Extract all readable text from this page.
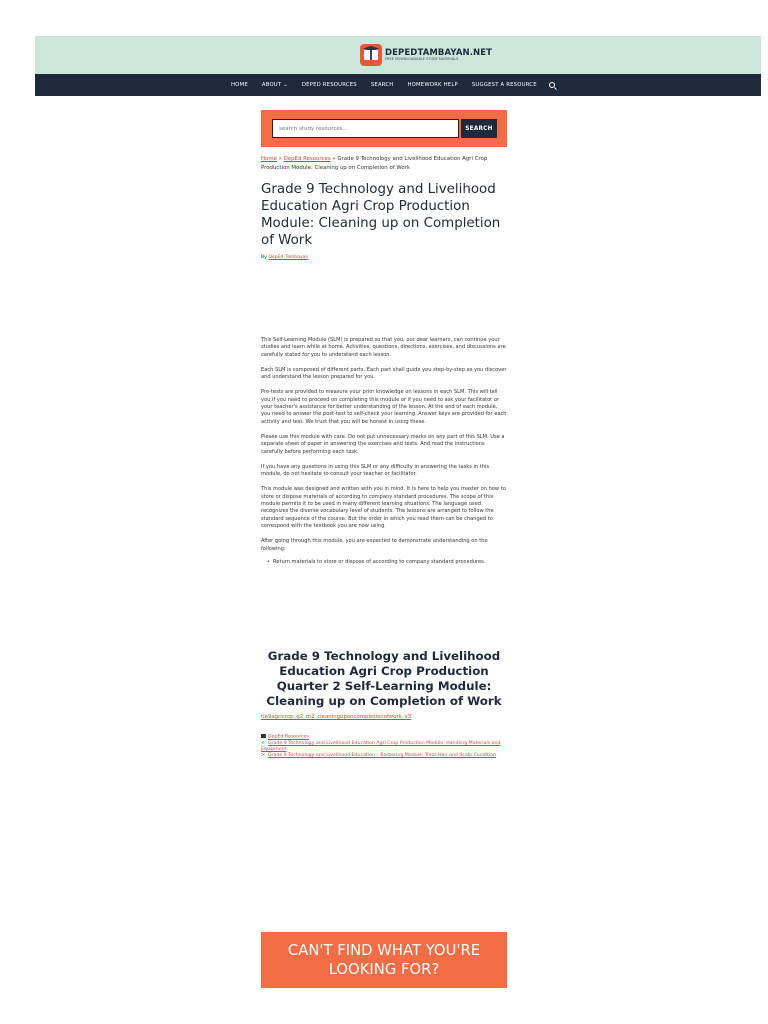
DEPEDTAMBAYAN.NET
FREE DOWNLOADABLE STUDY MATERIALS
HOME	ABOUT ⌄	DEPED RESOURCES	SEARCH	HOMEWORK HELP	SUGGEST A RESOURCE
search study resources...
SEARCH
Home » DepEd Resources » Grade 9 Technology and Livelihood Education Agri Crop Production Module: Cleaning up on Completion of Work
Grade 9 Technology and Livelihood Education Agri Crop Production Module: Cleaning up on Completion of Work
By DepEd Tambayan

This Self-Learning Module (SLM) is prepared so that you, our dear learners, can continue your studies and learn while at home. Activities, questions, directions, exercises, and discussions are carefully stated for you to understand each lesson.

Each SLM is composed of different parts. Each part shall guide you step-by-step as you discover and understand the lesson prepared for you.

Pre-tests are provided to measure your prior knowledge on lessons in each SLM. This will tell you if you need to proceed on completing this module or if you need to ask your facilitator or your teacher's assistance for better understanding of the lesson. At the end of each module, you need to answer the post-test to self-check your learning. Answer keys are provided for each activity and test. We trust that you will be honest in using these.

Please use this module with care. Do not put unnecessary marks on any part of this SLM. Use a separate sheet of paper in answering the exercises and tests. And read the instructions carefully before performing each task.

If you have any questions in using this SLM or any difficulty in answering the tasks in this module, do not hesitate to consult your teacher or facilitator.

This module was designed and written with you in mind. It is here to help you master on how to store or dispose materials of according to company standard procedures. The scope of this module permits it to be used in many different learning situations. The language used recognizes the diverse vocabulary level of students. The lessons are arranged to follow the standard sequence of the course. But the order in which you read them can be changed to correspond with the textbook you are now using.

After going through this module, you are expected to demonstrate understanding on the following:

• Return materials to store or dispose of according to company standard procedures.
Grade 9 Technology and Livelihood Education Agri Crop Production Quarter 2 Self-Learning Module: Cleaning up on Completion of Work
tle9agricrop_q2_m2_cleaninguponcompletionofwork_v3
DepEd Resources
< Grade 9 Technology and Livelihood Education Agri Crop Production Module: Handling Materials and Equipment
> Grade 9 Technology and Livelihood Education – Barbering Module: Treat Hair and Scalp Condition
CAN'T FIND WHAT YOU'RE LOOKING FOR?
